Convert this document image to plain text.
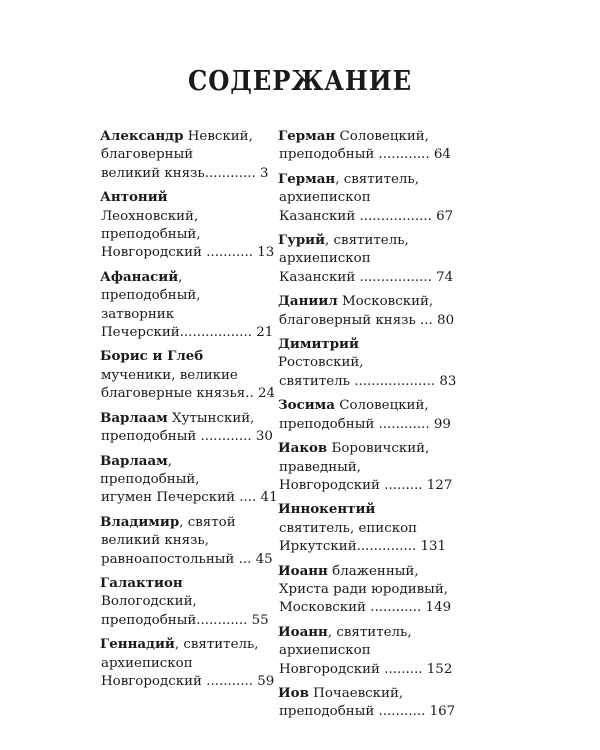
СОДЕРЖАНИЕ
Александр Невский,
благоверный
великий князь............ 3
Антоний
Леохновский,
преподобный,
Новгородский ........... 13
Афанасий,
преподобный,
затворник
Печерский................. 21
Борис и Глеб
мученики, великие
благоверные князья.. 24
Варлаам Хутынский,
преподобный ............ 30
Варлаам, преподобный,
игумен Печерский .... 41
Владимир, святой
великий князь,
равноапостольный ... 45
Галактион
Вологодский,
преподобный............ 55
Геннадий, святитель,
архиепископ
Новгородский ........... 59
Герман Соловецкий,
преподобный ............ 64
Герман, святитель,
архиепископ
Казанский ................. 67
Гурий, святитель,
архиепископ
Казанский ................. 74
Даниил Московский,
благоверный князь ... 80
Димитрий Ростовский,
святитель ................... 83
Зосима Соловецкий,
преподобный ............ 99
Иаков Боровичский,
праведный,
Новгородский ......... 127
Иннокентий
святитель, епископ
Иркутский.............. 131
Иоанн блаженный,
Христа ради юродивый,
Московский ............ 149
Иоанн, святитель,
архиепископ
Новгородский ......... 152
Иов Почаевский,
преподобный ........... 167
